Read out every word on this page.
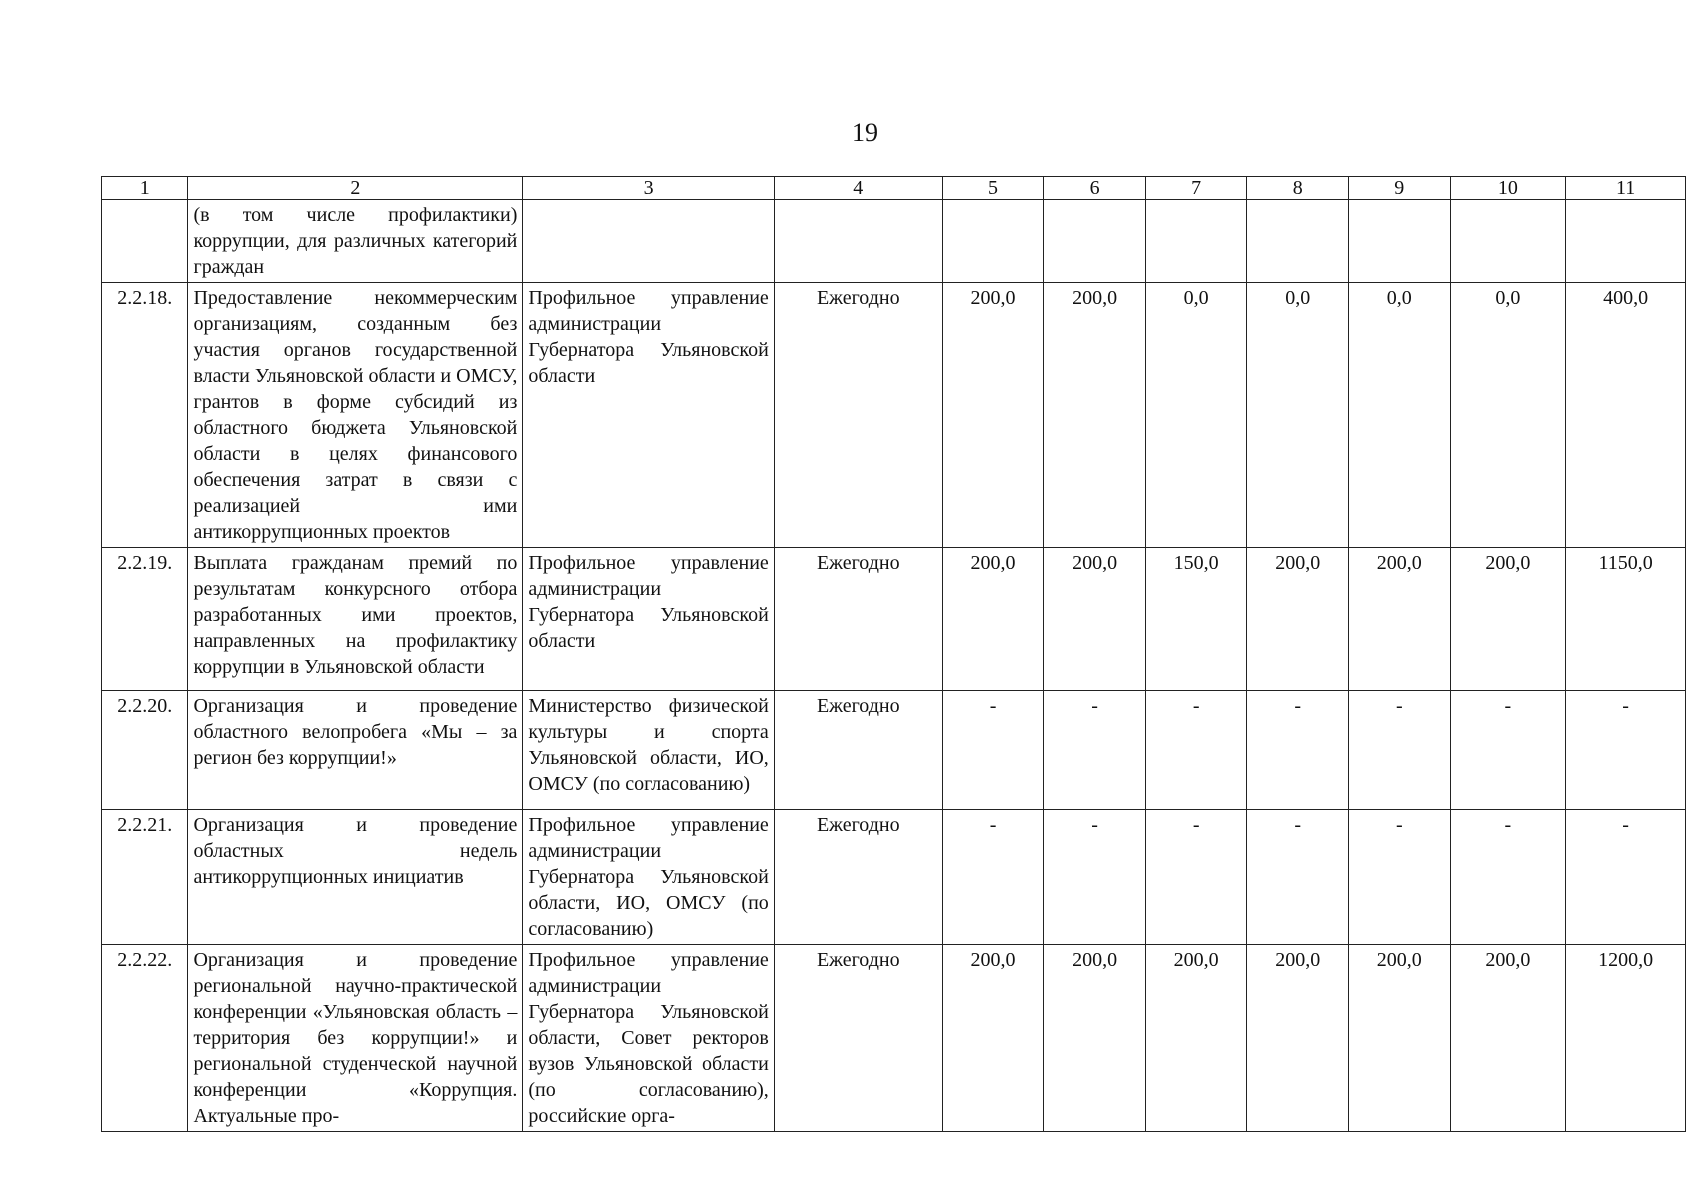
19
1	2	3	4	5	6	7	8	9	10	11
	(в том числе профилактики) коррупции, для различных категорий граждан									
2.2.18.	Предоставление некоммерческим организациям, созданным без участия органов государственной власти Ульяновской области и ОМСУ, грантов в форме субсидий из областного бюджета Ульяновской области в целях финансового обеспечения затрат в связи с реализацией ими антикоррупционных проектов	Профильное управление администрации Губернатора Ульяновской области	Ежегодно	200,0	200,0	0,0	0,0	0,0	0,0	400,0
2.2.19.	Выплата гражданам премий по результатам конкурсного отбора разработанных ими проектов, направленных на профилактику коррупции в Ульяновской области	Профильное управление администрации Губернатора Ульяновской области	Ежегодно	200,0	200,0	150,0	200,0	200,0	200,0	1150,0
2.2.20.	Организация и проведение областного велопробега «Мы – за регион без коррупции!»	Министерство физической культуры и спорта Ульяновской области, ИО, ОМСУ (по согласованию)	Ежегодно	-	-	-	-	-	-	-
2.2.21.	Организация и проведение областных недель антикоррупционных инициатив	Профильное управление администрации Губернатора Ульяновской области, ИО, ОМСУ (по согласованию)	Ежегодно	-	-	-	-	-	-	-
2.2.22.	Организация и проведение региональной научно-практической конференции «Ульяновская область – территория без коррупции!» и региональной студенческой научной конференции «Коррупция. Актуальные про-	Профильное управление администрации Губернатора Ульяновской области, Совет ректоров вузов Ульяновской области (по согласованию), российские орга-	Ежегодно	200,0	200,0	200,0	200,0	200,0	200,0	1200,0
